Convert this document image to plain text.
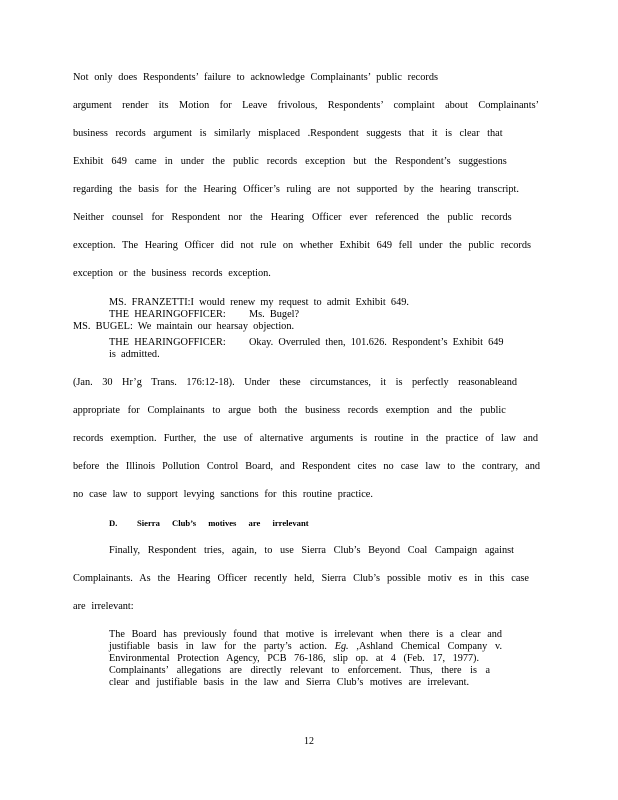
Not only does Respondents’ failure to acknowledge Complainants’ public records
argument render its Motion for Leave frivolous, Respondents’ complaint about Complainants’
business records argument is similarly misplaced .Respondent suggests that it is clear that
Exhibit 649 came in under the public records exception but the Respondent’s suggestions
regarding the basis for the Hearing Officer’s ruling are not supported by the hearing transcript.
Neither counsel for Respondent nor the Hearing Officer ever referenced the public records
exception. The Hearing Officer did not rule on whether Exhibit 649 fell under the public records
exception or the business records exception.
MS. FRANZETTI:I would renew my request to admit Exhibit 649.
THE HEARINGOFFICER: Ms. Bugel?
MS. BUGEL: We maintain our hearsay objection.
THE HEARINGOFFICER: Okay. Overruled then, 101.626. Respondent’s Exhibit 649
is admitted.
(Jan. 30 Hr’g Trans. 176:12-18). Under these circumstances, it is perfectly reasonableand
appropriate for Complainants to argue both the business records exemption and the public
records exemption. Further, the use of alternative arguments is routine in the practice of law and
before the Illinois Pollution Control Board, and Respondent cites no case law to the contrary, and
no case law to support levying sanctions for this routine practice.
D. Sierra Club’s motives are irrelevant
Finally, Respondent tries, again, to use Sierra Club’s Beyond Coal Campaign against
Complainants. As the Hearing Officer recently held, Sierra Club’s possible motiv es in this case
are irrelevant:
The Board has previously found that motive is irrelevant when there is a clear and
justifiable basis in law for the party’s action. Eg. ,Ashland Chemical Company v.
Environmental Protection Agency, PCB 76-186, slip op. at 4 (Feb. 17, 1977).
Complainants’ allegations are directly relevant to enforcement. Thus, there is a
clear and justifiable basis in the law and Sierra Club’s motives are irrelevant.
12
